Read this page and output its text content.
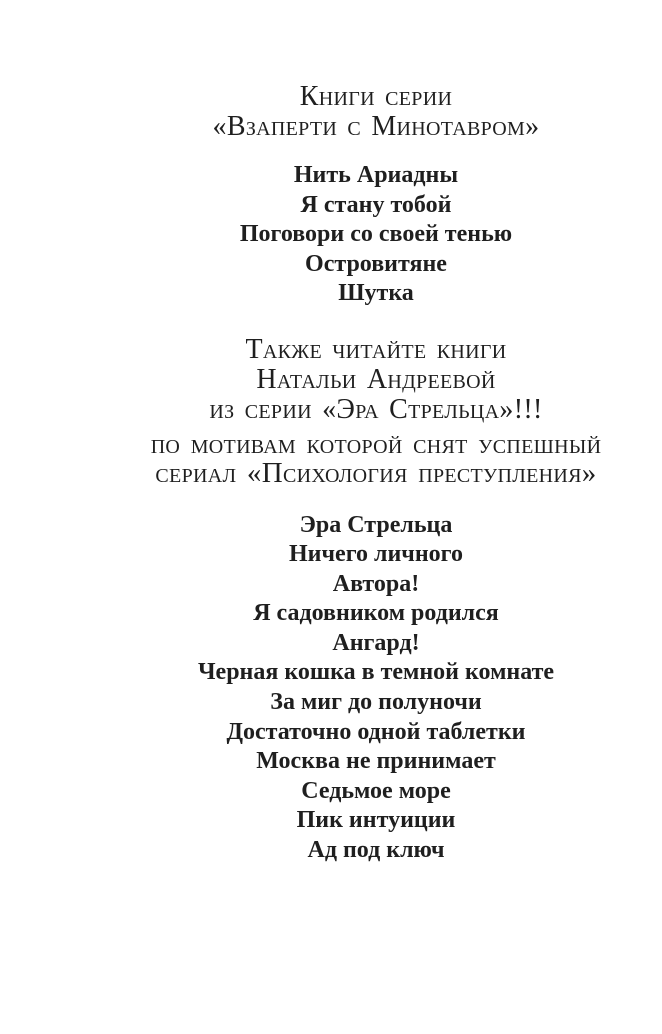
Книги серии
«Взаперти с Минотавром»
Нить Ариадны
Я стану тобой
Поговори со своей тенью
Островитяне
Шутка
Также читайте книги
Натальи Андреевой
из серии «Эра Стрельца»!!!
по мотивам которой снят успешный
сериал «Психология преступления»
Эра Стрельца
Ничего личного
Автора!
Я садовником родился
Ангард!
Черная кошка в темной комнате
За миг до полуночи
Достаточно одной таблетки
Москва не принимает
Седьмое море
Пик интуиции
Ад под ключ
